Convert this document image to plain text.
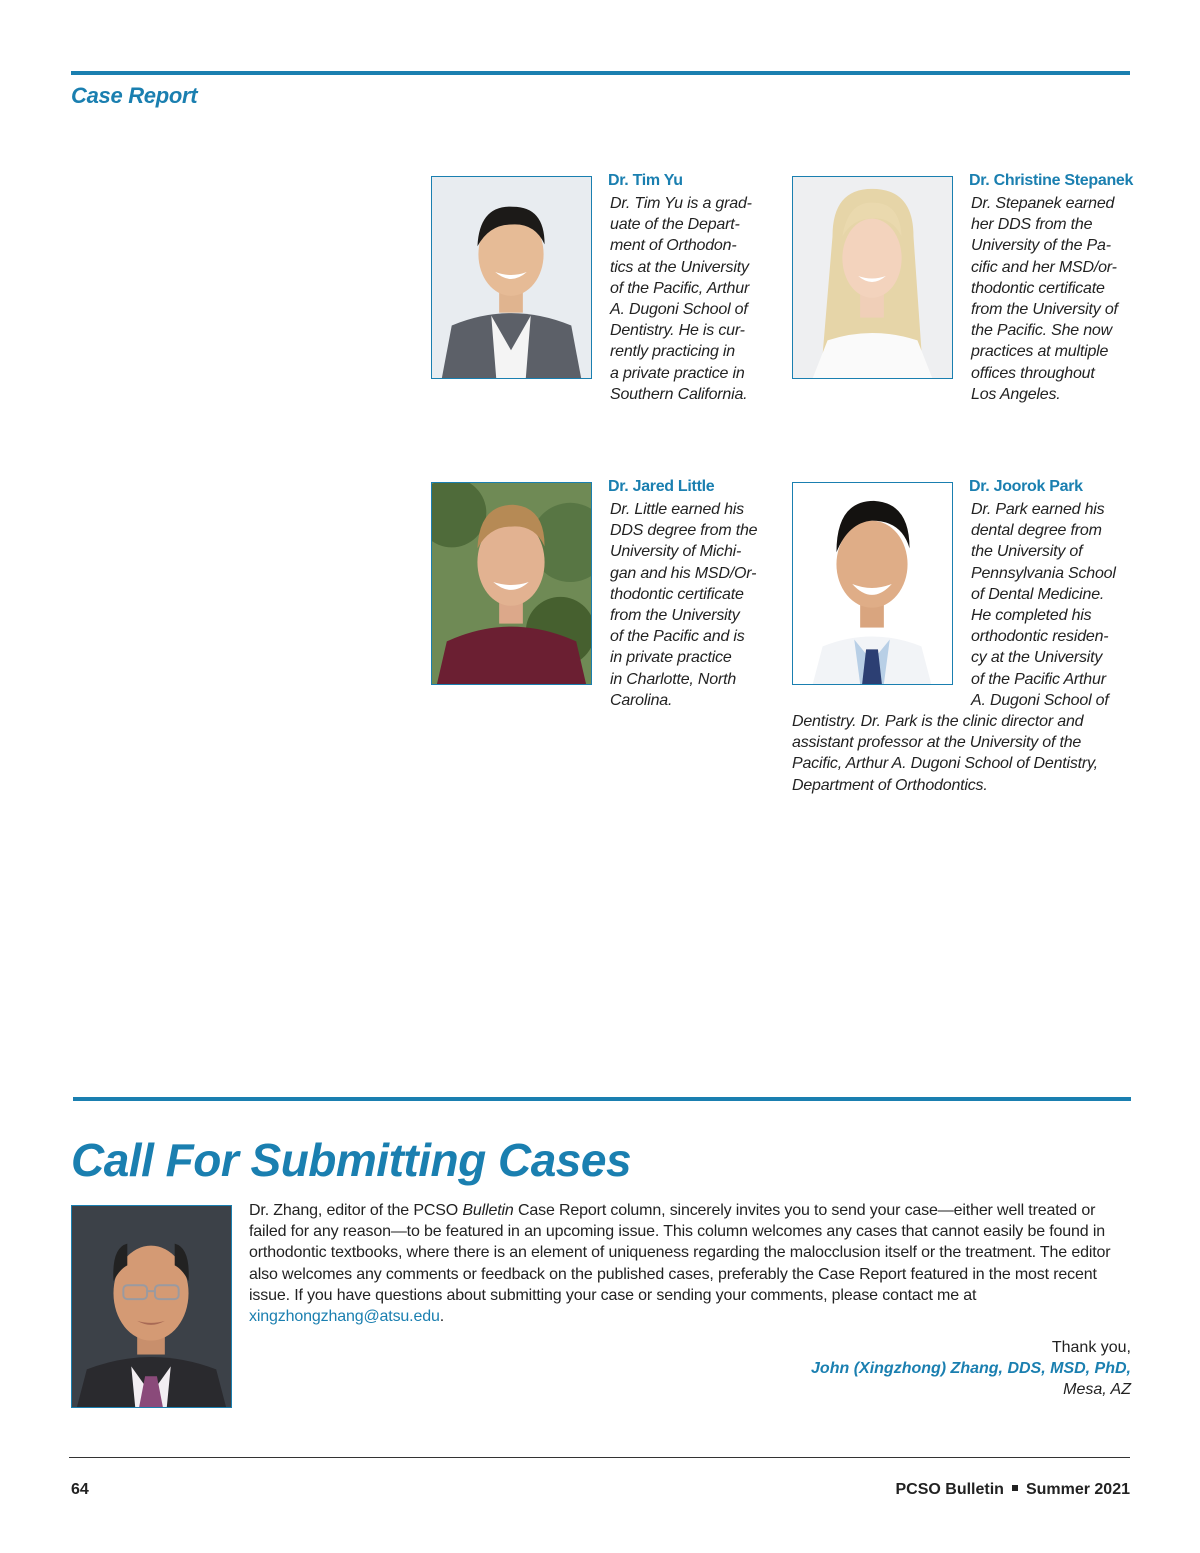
Case Report
Dr. Tim Yu
Dr. Tim Yu is a grad-
uate of the Depart-
ment of Orthodon-
tics at the University
of the Pacific, Arthur
A. Dugoni School of
Dentistry. He is cur-
rently practicing in
a private practice in
Southern California.
Dr. Christine Stepanek
Dr. Stepanek earned
her DDS from the
University of the Pa-
cific and her MSD/or-
thodontic certificate
from the University of
the Pacific. She now
practices at multiple
offices throughout
Los Angeles.
Dr. Jared Little
Dr. Little earned his
DDS degree from the
University of Michi-
gan and his MSD/Or-
thodontic certificate
from the University
of the Pacific and is
in private practice
in Charlotte, North
Carolina.
Dr. Joorok Park
Dr. Park earned his
dental degree from
the University of
Pennsylvania School
of Dental Medicine.
He completed his
orthodontic residen-
cy at the University
of the Pacific Arthur
A. Dugoni School of
Dentistry. Dr. Park is the clinic director and
assistant professor at the University of the
Pacific, Arthur A. Dugoni School of Dentistry,
Department of Orthodontics.
Call For Submitting Cases
Dr. Zhang, editor of the PCSO Bulletin Case Report column, sincerely invites you to send your case—either well treated or failed for any reason—to be featured in an upcoming issue. This column welcomes any cases that cannot easily be found in orthodontic textbooks, where there is an element of uniqueness regarding the malocclusion itself or the treatment. The editor also welcomes any comments or feedback on the published cases, preferably the Case Report featured in the most recent issue. If you have questions about submitting your case or sending your comments, please contact me at xingzhongzhang@atsu.edu.
Thank you,
John (Xingzhong) Zhang, DDS, MSD, PhD,
Mesa, AZ
64	PCSO Bulletin Summer 2021
